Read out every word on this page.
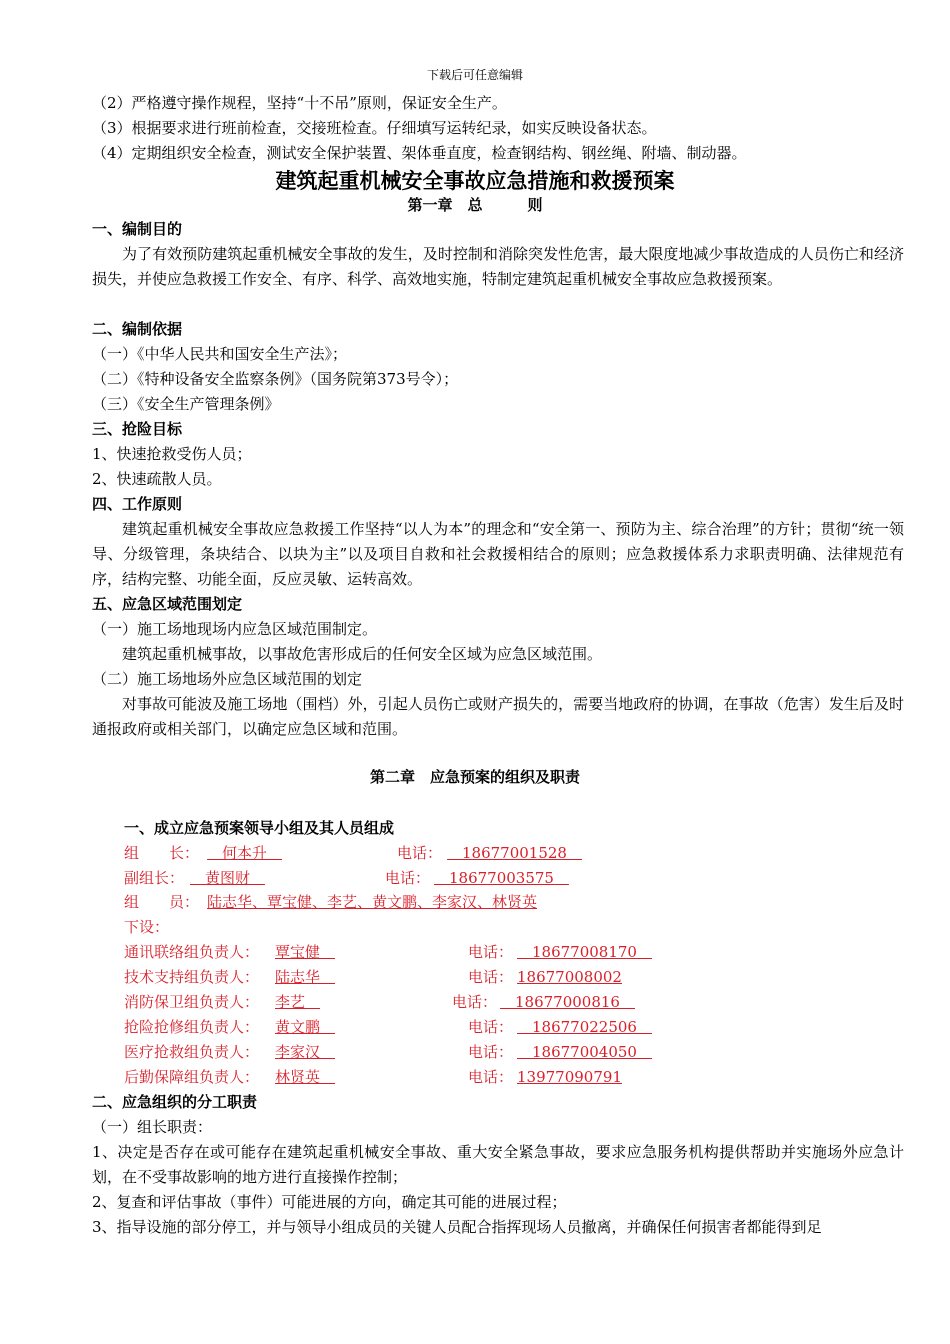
下载后可任意编辑
（2）严格遵守操作规程，坚持“十不吊”原则，保证安全生产。
（3）根据要求进行班前检查，交接班检查。仔细填写运转纪录，如实反映设备状态。
（4）定期组织安全检查，测试安全保护装置、架体垂直度，检查钢结构、钢丝绳、附墙、制动器。
建筑起重机械安全事故应急措施和救援预案
第一章　总　　　则
一、编制目的
为了有效预防建筑起重机械安全事故的发生，及时控制和消除突发性危害，最大限度地减少事故造成的人员伤亡和经济损失，并使应急救援工作安全、有序、科学、高效地实施，特制定建筑起重机械安全事故应急救援预案。
二、编制依据
（一）《中华人民共和国安全生产法》；
（二）《特种设备安全监察条例》（国务院第373号令）；
（三）《安全生产管理条例》
三、抢险目标
1、快速抢救受伤人员；
2、快速疏散人员。
四、工作原则
建筑起重机械安全事故应急救援工作坚持“以人为本”的理念和“安全第一、预防为主、综合治理”的方针；贯彻“统一领导、分级管理，条块结合、以块为主”以及项目自救和社会救援相结合的原则；应急救援体系力求职责明确、法律规范有序，结构完整、功能全面，反应灵敏、运转高效。
五、应急区域范围划定
（一）施工场地现场内应急区域范围制定。
建筑起重机械事故，以事故危害形成后的任何安全区域为应急区域范围。
（二）施工场地场外应急区域范围的划定
对事故可能波及施工场地（围档）外，引起人员伤亡或财产损失的，需要当地政府的协调，在事故（危害）发生后及时通报政府或相关部门，以确定应急区域和范围。
第二章　应急预案的组织及职责
一、成立应急预案领导小组及其人员组成
组　　长： 　何本升　	电话： 　18677001528　
副组长： 　黄图财　	电话： 　18677003575　
组　　员： 陆志华、覃宝健、李艺、黄文鹏、李家汉、林贤英
下设：
通讯联络组负责人： 覃宝健　	电话： 　18677008170　
技术支持组负责人： 陆志华　	电话： 18677008002
消防保卫组负责人： 李艺　	电话： 　18677000816　
抢险抢修组负责人： 黄文鹏　	电话： 　18677022506　
医疗抢救组负责人： 李家汉　	电话： 　18677004050　
后勤保障组负责人： 林贤英　	电话： 13977090791
二、应急组织的分工职责
（一）组长职责：
1、决定是否存在或可能存在建筑起重机械安全事故、重大安全紧急事故，要求应急服务机构提供帮助并实施场外应急计划，在不受事故影响的地方进行直接操作控制；
2、复查和评估事故（事件）可能进展的方向，确定其可能的进展过程；
3、指导设施的部分停工，并与领导小组成员的关键人员配合指挥现场人员撤离，并确保任何损害者都能得到足
